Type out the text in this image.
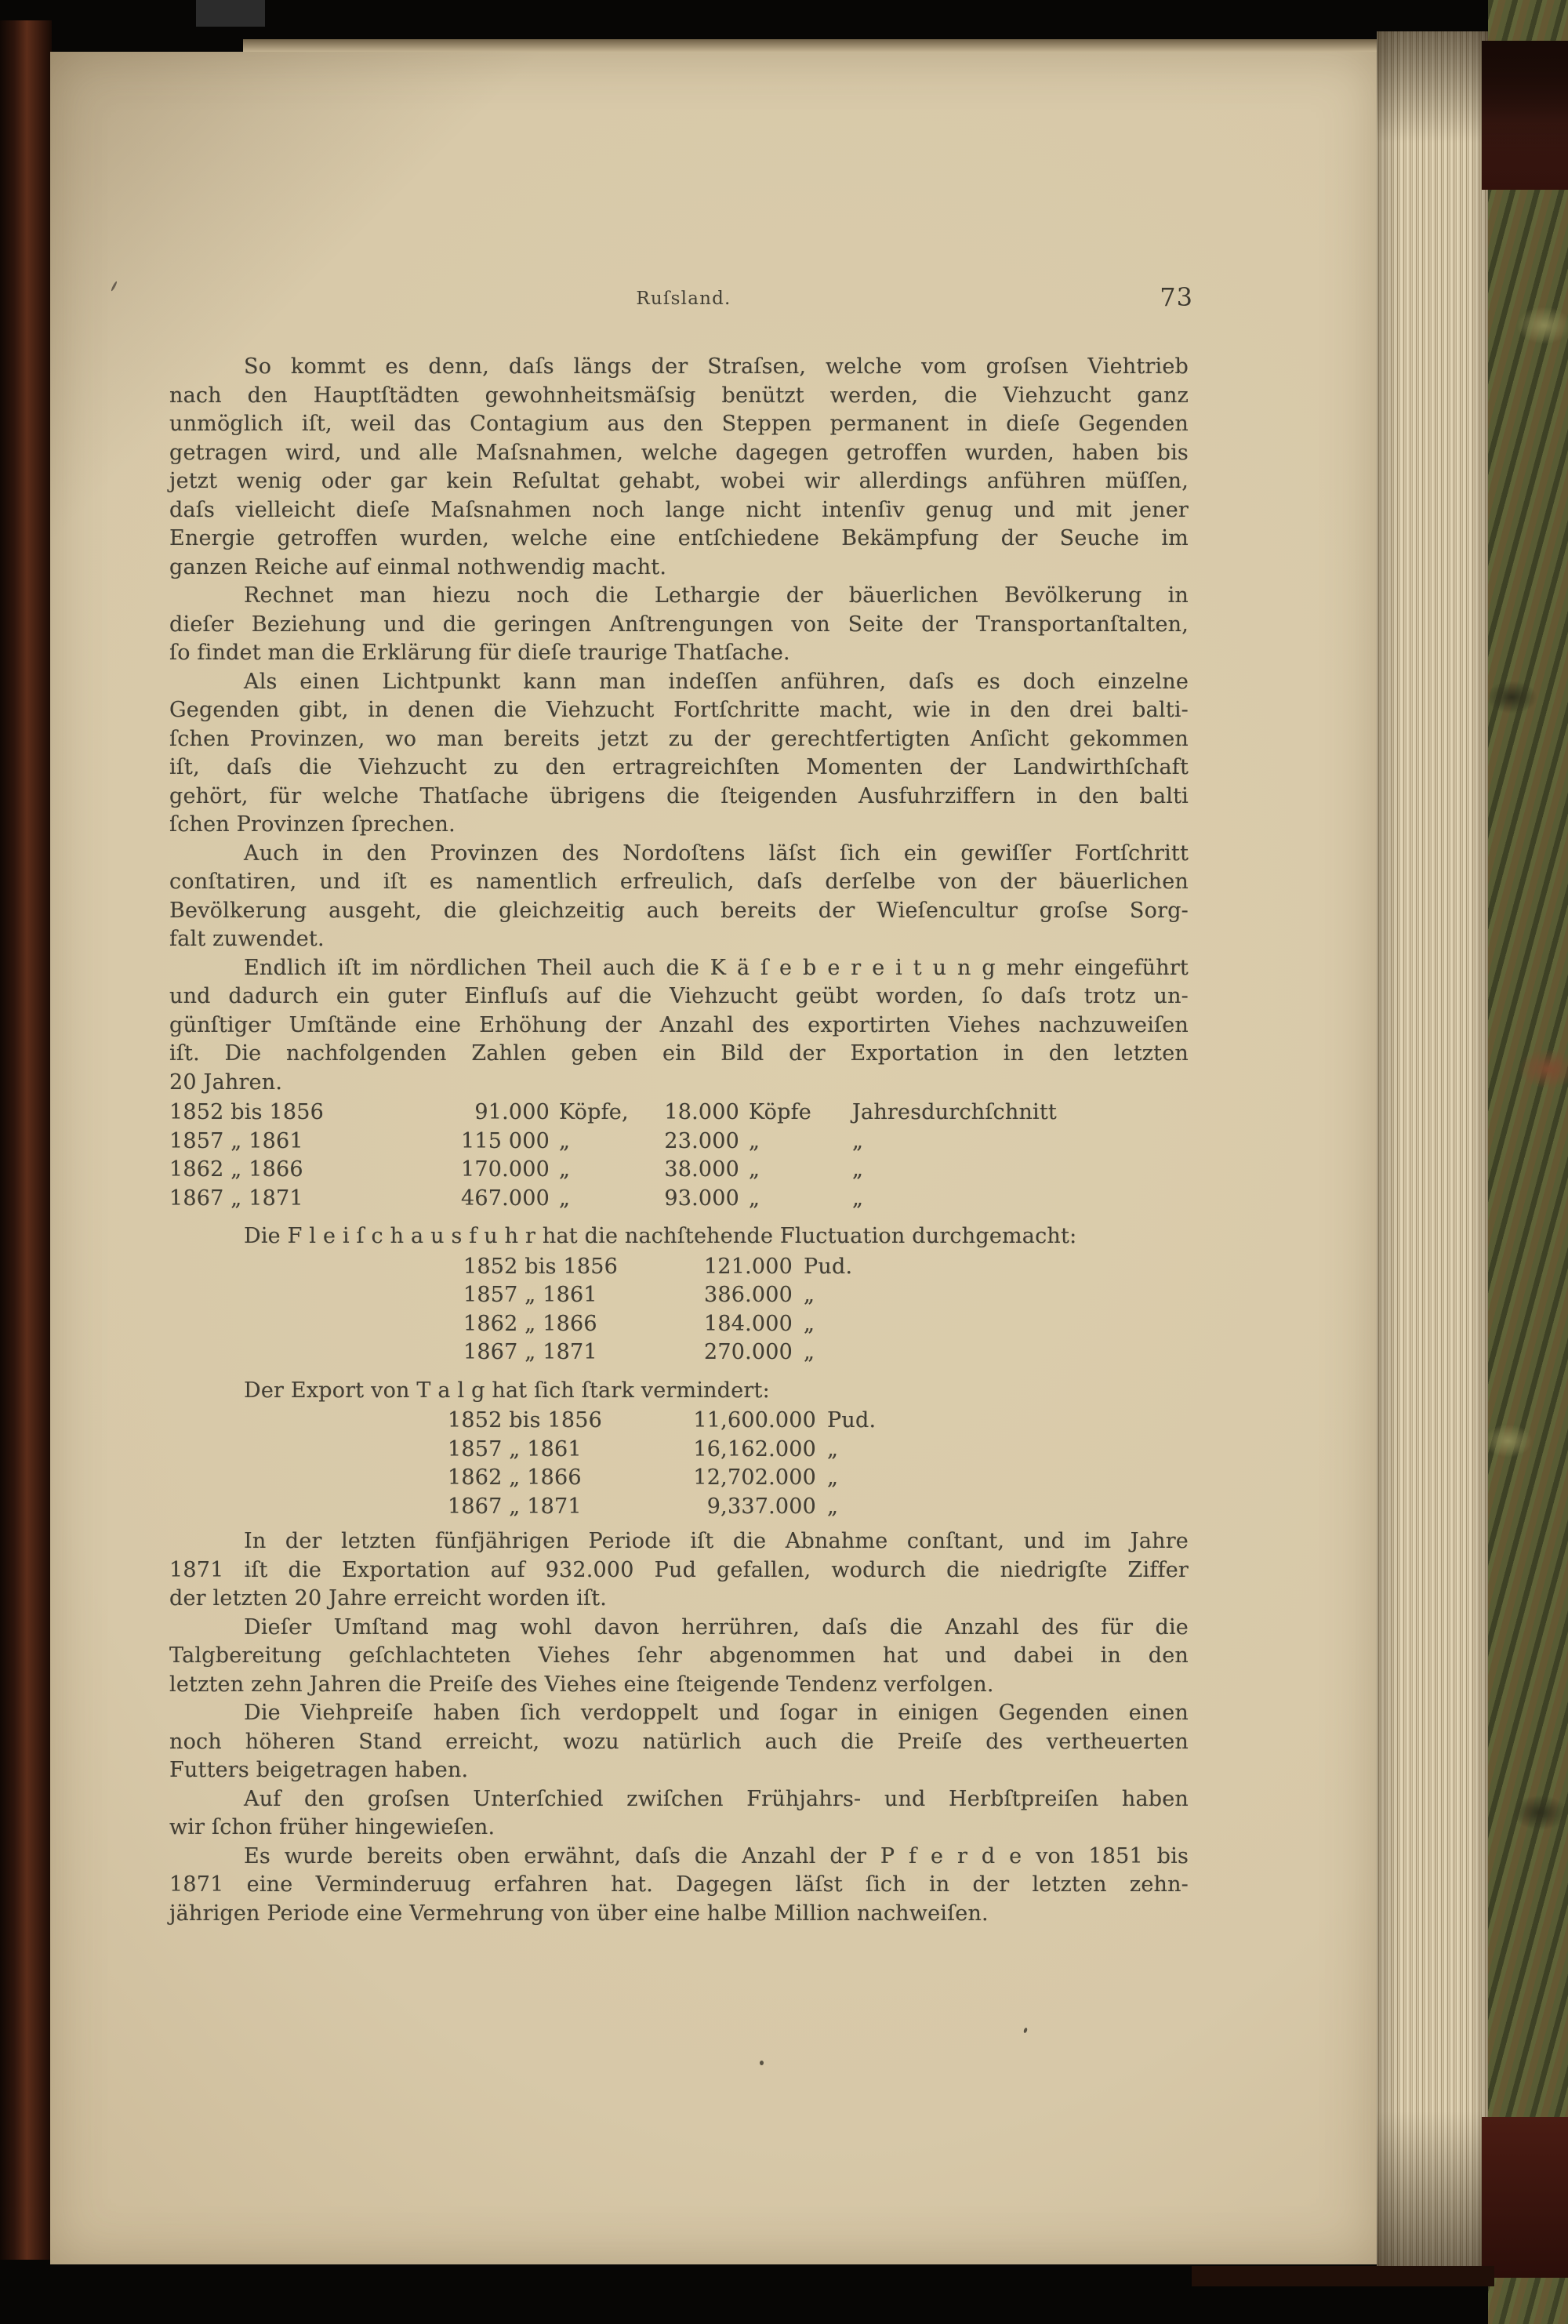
Ruſsland.	73
So kommt es denn, daſs längs der Straſsen, welche vom groſsen Viehtrieb
nach den Hauptſtädten gewohnheitsmäſsig benützt werden, die Viehzucht ganz
unmöglich iſt, weil das Contagium aus den Steppen permanent in dieſe Gegenden
getragen wird, und alle Maſsnahmen, welche dagegen getroffen wurden, haben bis
jetzt wenig oder gar kein Reſultat gehabt, wobei wir allerdings anführen müſſen,
daſs vielleicht dieſe Maſsnahmen noch lange nicht intenſiv genug und mit jener
Energie getroffen wurden, welche eine entſchiedene Bekämpfung der Seuche im
ganzen Reiche auf einmal nothwendig macht.
Rechnet man hiezu noch die Lethargie der bäuerlichen Bevölkerung in
dieſer Beziehung und die geringen Anſtrengungen von Seite der Transportanſtalten,
ſo findet man die Erklärung für dieſe traurige Thatſache.
Als einen Lichtpunkt kann man indeſſen anführen, daſs es doch einzelne
Gegenden gibt, in denen die Viehzucht Fortſchritte macht, wie in den drei balti-
ſchen Provinzen, wo man bereits jetzt zu der gerechtfertigten Anſicht gekommen
iſt, daſs die Viehzucht zu den ertragreichſten Momenten der Landwirthſchaft
gehört, für welche Thatſache übrigens die ſteigenden Ausfuhrziffern in den balti
ſchen Provinzen ſprechen.
Auch in den Provinzen des Nordoſtens läſst ſich ein gewiſſer Fortſchritt
conſtatiren, und iſt es namentlich erfreulich, daſs derſelbe von der bäuerlichen
Bevölkerung ausgeht, die gleichzeitig auch bereits der Wieſencultur groſse Sorg-
falt zuwendet.
Endlich iſt im nördlichen Theil auch die K ä ſ e b e r e i t u n g mehr eingeführt
und dadurch ein guter Einfluſs auf die Viehzucht geübt worden, ſo daſs trotz un-
günſtiger Umſtände eine Erhöhung der Anzahl des exportirten Viehes nachzuweiſen
iſt. Die nachfolgenden Zahlen geben ein Bild der Exportation in den letzten
20 Jahren.
1852 bis 1856	91.000 Köpfe,	18.000 Köpfe	Jahresdurchſchnitt
1857 „ 1861	115 000 „	23.000 „	„
1862 „ 1866	170.000 „	38.000 „	„
1867 „ 1871	467.000 „	93.000 „	„
Die F l e i ſ c h a u s f u h r hat die nachſtehende Fluctuation durchgemacht:
1852 bis 1856	121.000 Pud.
1857 „ 1861	386.000 „
1862 „ 1866	184.000 „
1867 „ 1871	270.000 „
Der Export von T a l g hat ſich ſtark vermindert:
1852 bis 1856	11,600.000 Pud.
1857 „ 1861	16,162.000 „
1862 „ 1866	12,702.000 „
1867 „ 1871	9,337.000 „
In der letzten fünfjährigen Periode iſt die Abnahme conſtant, und im Jahre
1871 iſt die Exportation auf 932.000 Pud gefallen, wodurch die niedrigſte Ziffer
der letzten 20 Jahre erreicht worden iſt.
Dieſer Umſtand mag wohl davon herrühren, daſs die Anzahl des für die
Talgbereitung geſchlachteten Viehes ſehr abgenommen hat und dabei in den
letzten zehn Jahren die Preiſe des Viehes eine ſteigende Tendenz verfolgen.
Die Viehpreiſe haben ſich verdoppelt und ſogar in einigen Gegenden einen
noch höheren Stand erreicht, wozu natürlich auch die Preiſe des vertheuerten
Futters beigetragen haben.
Auf den groſsen Unterſchied zwiſchen Frühjahrs- und Herbſtpreiſen haben
wir ſchon früher hingewieſen.
Es wurde bereits oben erwähnt, daſs die Anzahl der P f e r d e von 1851 bis
1871 eine Verminderuug erfahren hat. Dagegen läſst ſich in der letzten zehn-
jährigen Periode eine Vermehrung von über eine halbe Million nachweiſen.
